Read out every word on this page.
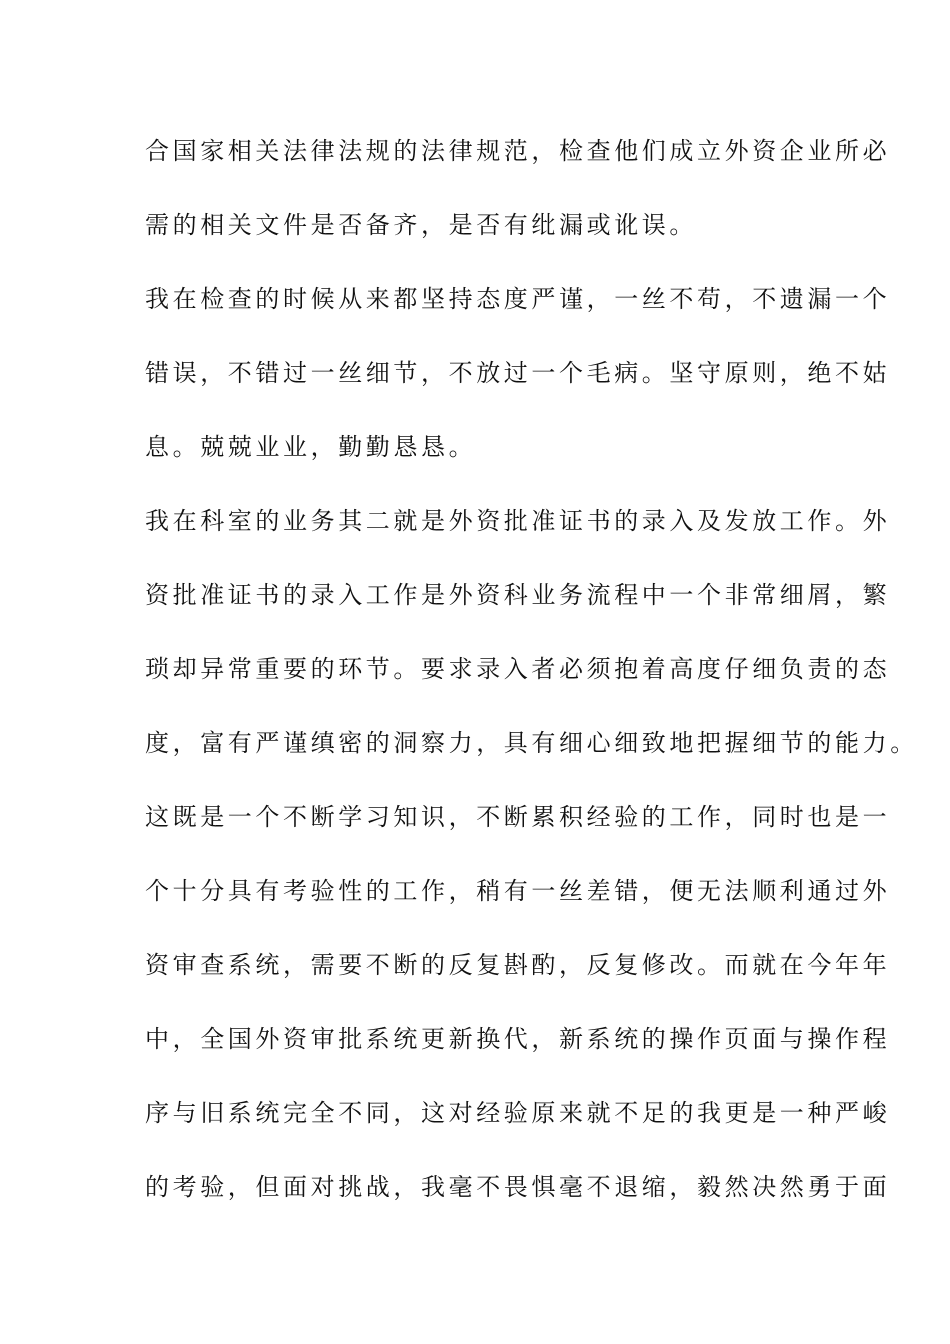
合国家相关法律法规的法律规范，检查他们成立外资企业所必
需的相关文件是否备齐，是否有纰漏或讹误。
我在检查的时候从来都坚持态度严谨，一丝不苟，不遗漏一个
错误，不错过一丝细节，不放过一个毛病。坚守原则，绝不姑
息。兢兢业业，勤勤恳恳。
我在科室的业务其二就是外资批准证书的录入及发放工作。外
资批准证书的录入工作是外资科业务流程中一个非常细屑，繁
琐却异常重要的环节。要求录入者必须抱着高度仔细负责的态
度，富有严谨缜密的洞察力，具有细心细致地把握细节的能力。
这既是一个不断学习知识，不断累积经验的工作，同时也是一
个十分具有考验性的工作，稍有一丝差错，便无法顺利通过外
资审查系统，需要不断的反复斟酌，反复修改。而就在今年年
中，全国外资审批系统更新换代，新系统的操作页面与操作程
序与旧系统完全不同，这对经验原来就不足的我更是一种严峻
的考验，但面对挑战，我毫不畏惧毫不退缩，毅然决然勇于面
